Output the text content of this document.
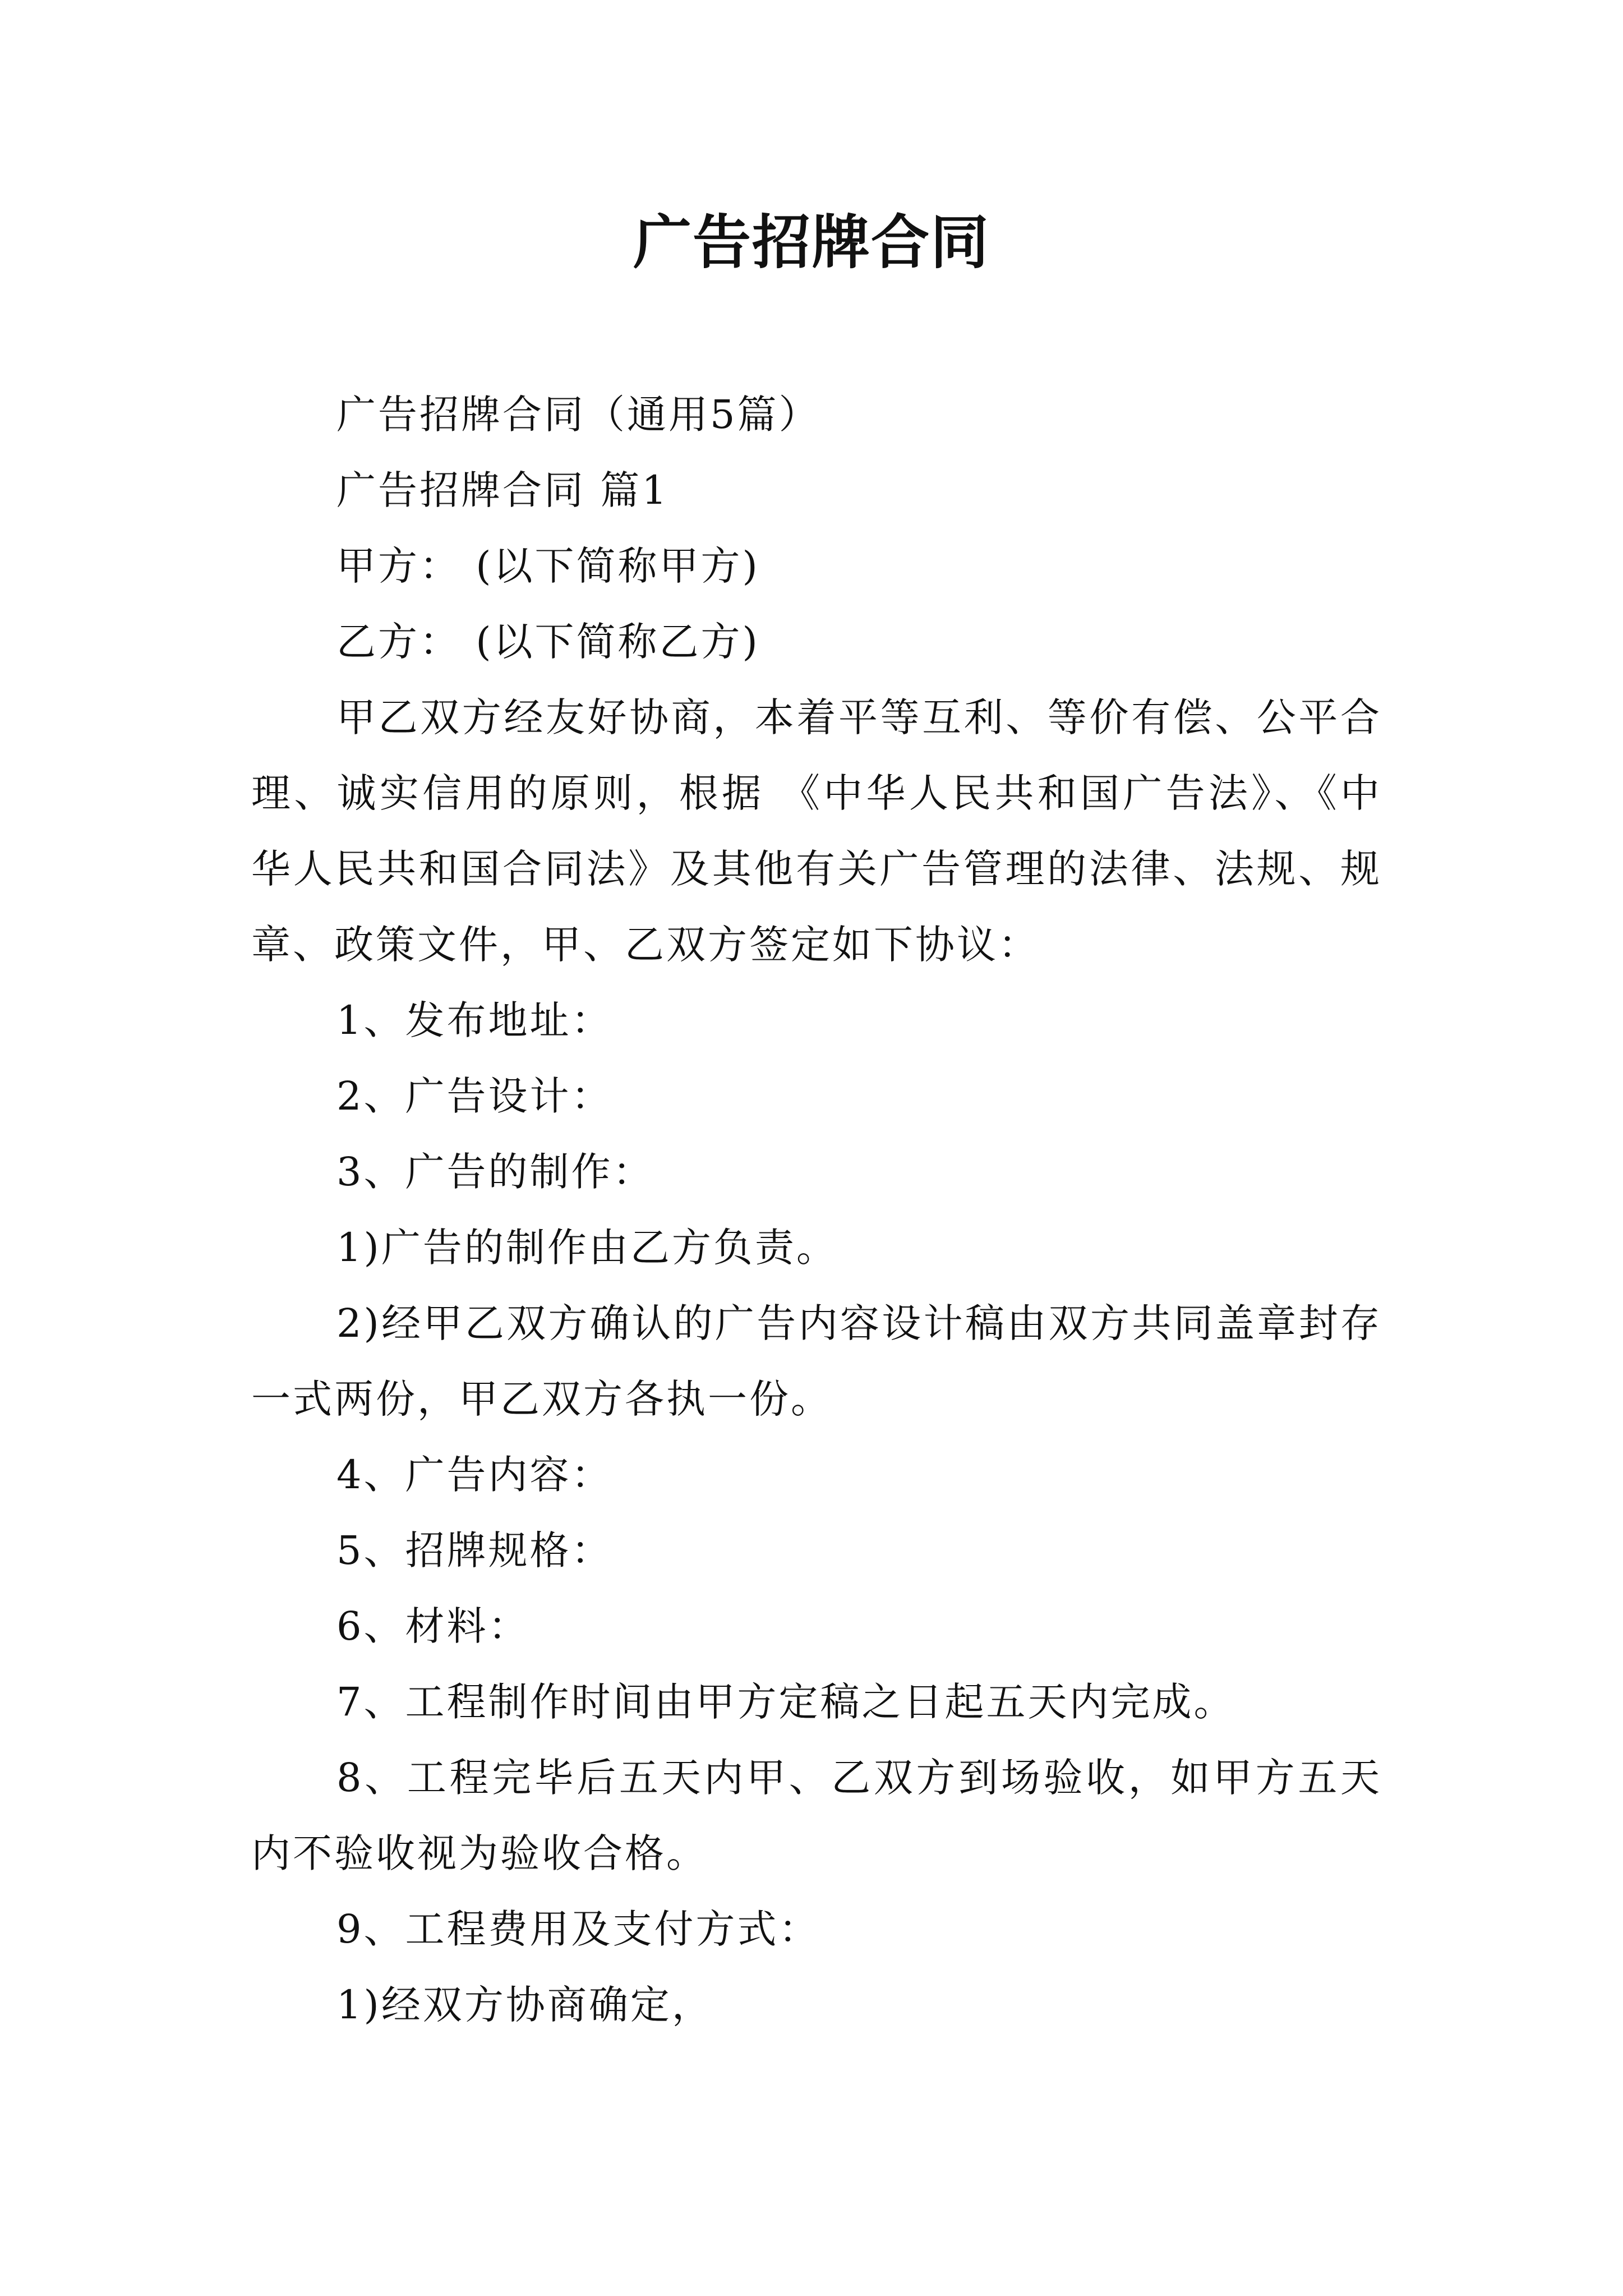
广告招牌合同

广告招牌合同（通用5篇）

广告招牌合同 篇1

甲方： (以下简称甲方)

乙方： (以下简称乙方)

甲乙双方经友好协商，本着平等互利、等价有偿、公平合理、诚实信用的原则，根据 《中华人民共和国广告法》、《中华人民共和国合同法》及其他有关广告管理的法律、法规、规章、政策文件，甲、乙双方签定如下协议：

1、发布地址：

2、广告设计：

3、广告的制作：

1)广告的制作由乙方负责。

2)经甲乙双方确认的广告内容设计稿由双方共同盖章封存一式两份，甲乙双方各执一份。

4、广告内容：

5、招牌规格：

6、材料：

7、工程制作时间由甲方定稿之日起五天内完成。

8、工程完毕后五天内甲、乙双方到场验收，如甲方五天内不验收视为验收合格。

9、工程费用及支付方式：

1)经双方协商确定，
